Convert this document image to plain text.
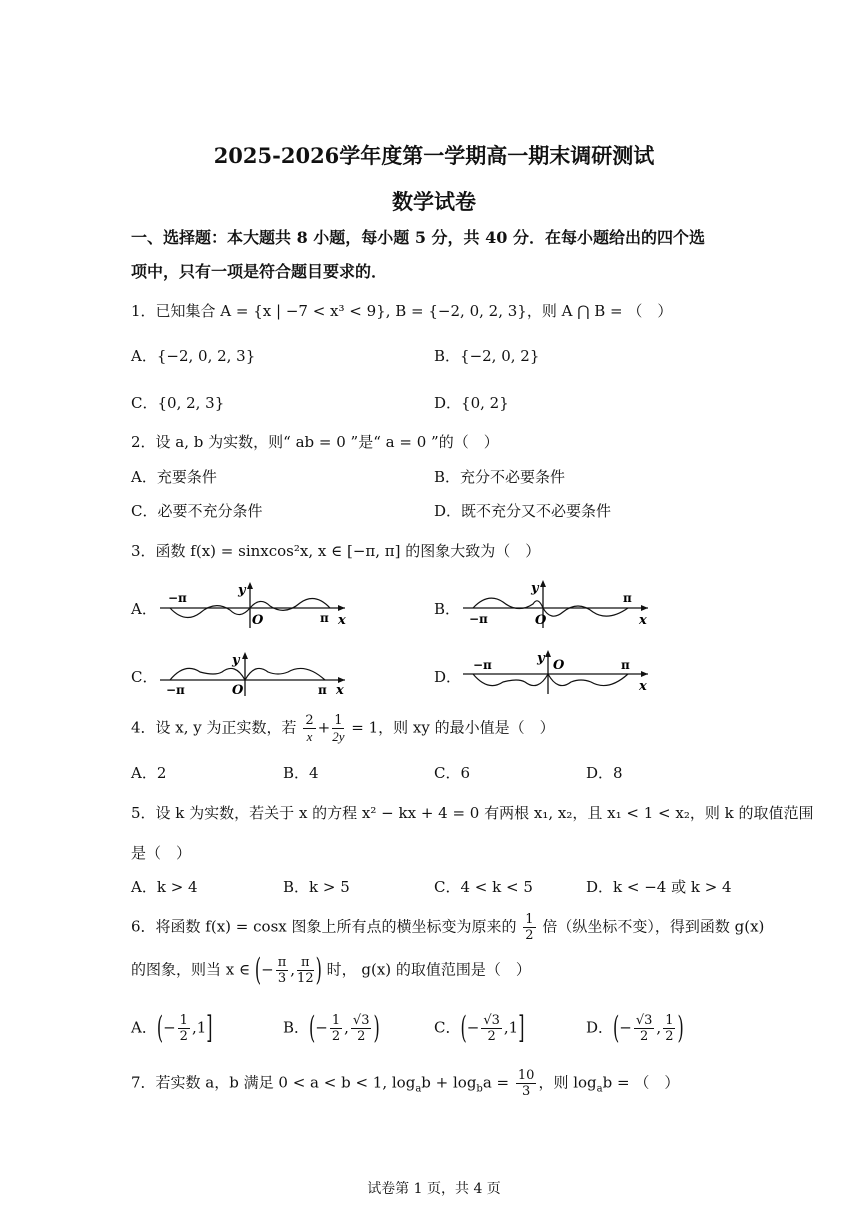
2025-2026学年度第一学期高一期末调研测试
数学试卷
一、选择题：本大题共 8 小题，每小题 5 分，共 40 分．在每小题给出的四个选
项中，只有一项是符合题目要求的．
1．已知集合 A = {x | −7 < x³ < 9}, B = {−2, 0, 2, 3}，则 A ⋂ B = （　）
A．{−2, 0, 2, 3}	B．{−2, 0, 2}
C．{0, 2, 3}	D．{0, 2}
2．设 a, b 为实数，则“ ab = 0 ”是“ a = 0 ”的（　）
A．充要条件	B．充分不必要条件
C．必要不充分条件	D．既不充分又不必要条件
3．函数 f(x) = sinxcos²x, x ∈ [−π, π] 的图象大致为（　）
A．
−π	y
O	π x
B．
−π
y
O
π
x
C．
−π
y
O	π x
D．
−π	y O	π
x
4．设 x, y 为正实数，若 $\frac{2}{x} + \frac{1}{2y} = 1$，则 xy 的最小值是（　）
A．2	B．4	C．6	D．8
5．设 k 为实数，若关于 x 的方程 x² − kx + 4 = 0 有两根 x₁, x₂，且 x₁ < 1 < x₂，则 k 的取值范围
是（　）
A．k > 4	B．k > 5	C．4 < k < 5	D．k < −4 或 k > 4
6．将函数 f(x) = cosx 图象上所有点的横坐标变为原来的 $\frac{1}{2}$ 倍（纵坐标不变），得到函数 g(x)
的图象，则当 x ∈ (− $\frac{\pi}{3}$ , $\frac{\pi}{12}$ ) 时， g(x) 的取值范围是（　）
A．(− $\frac{1}{2} ,1$]	B．(− $\frac{1}{2}$ , $\frac{√3}{2}$ )	C．(− $\frac{√3}{2} ,1$]	D．(− $\frac{√3}{2}$ , $\frac{1}{2}$ )
7．若实数 a，b 满足 0 < a < b < 1, $\log_ab + \log_ba = \frac{10}{3}$ ，则 $\log_ab$ = （　）
试卷第 1 页，共 4 页
